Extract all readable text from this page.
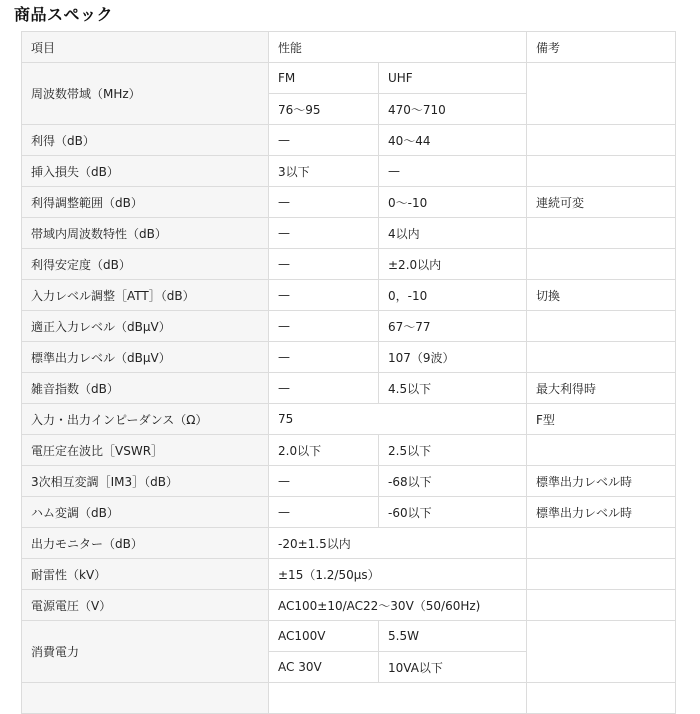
商品スペック
項目	性能		備考
周波数帯域（MHz）	FM	UHF	
	76～95	470～710	
利得（dB）	—	40～44	
挿入損失（dB）	3以下	—	
利得調整範囲（dB）	—	0～-10	連続可変
帯域内周波数特性（dB）	—	4以内	
利得安定度（dB）	—	±2.0以内	
入力レベル調整［ATT］（dB）	—	0，-10	切換
適正入力レベル（dBμV）	—	67～77	
標準出力レベル（dBμV）	—	107（9波）	
雑音指数（dB）	—	4.5以下	最大利得時
入力・出力インピーダンス（Ω）	75		F型
電圧定在波比［VSWR］	2.0以下	2.5以下	
3次相互変調［IM3］（dB）	—	-68以下	標準出力レベル時
ハム変調（dB）	—	-60以下	標準出力レベル時
出力モニター（dB）	-20±1.5以内		
耐雷性（kV）	±15（1.2/50μs）		
電源電圧（V）	AC100±10/AC22～30V（50/60Hz)		
消費電力	AC100V	5.5W	
	AC 30V	10VA以下	
